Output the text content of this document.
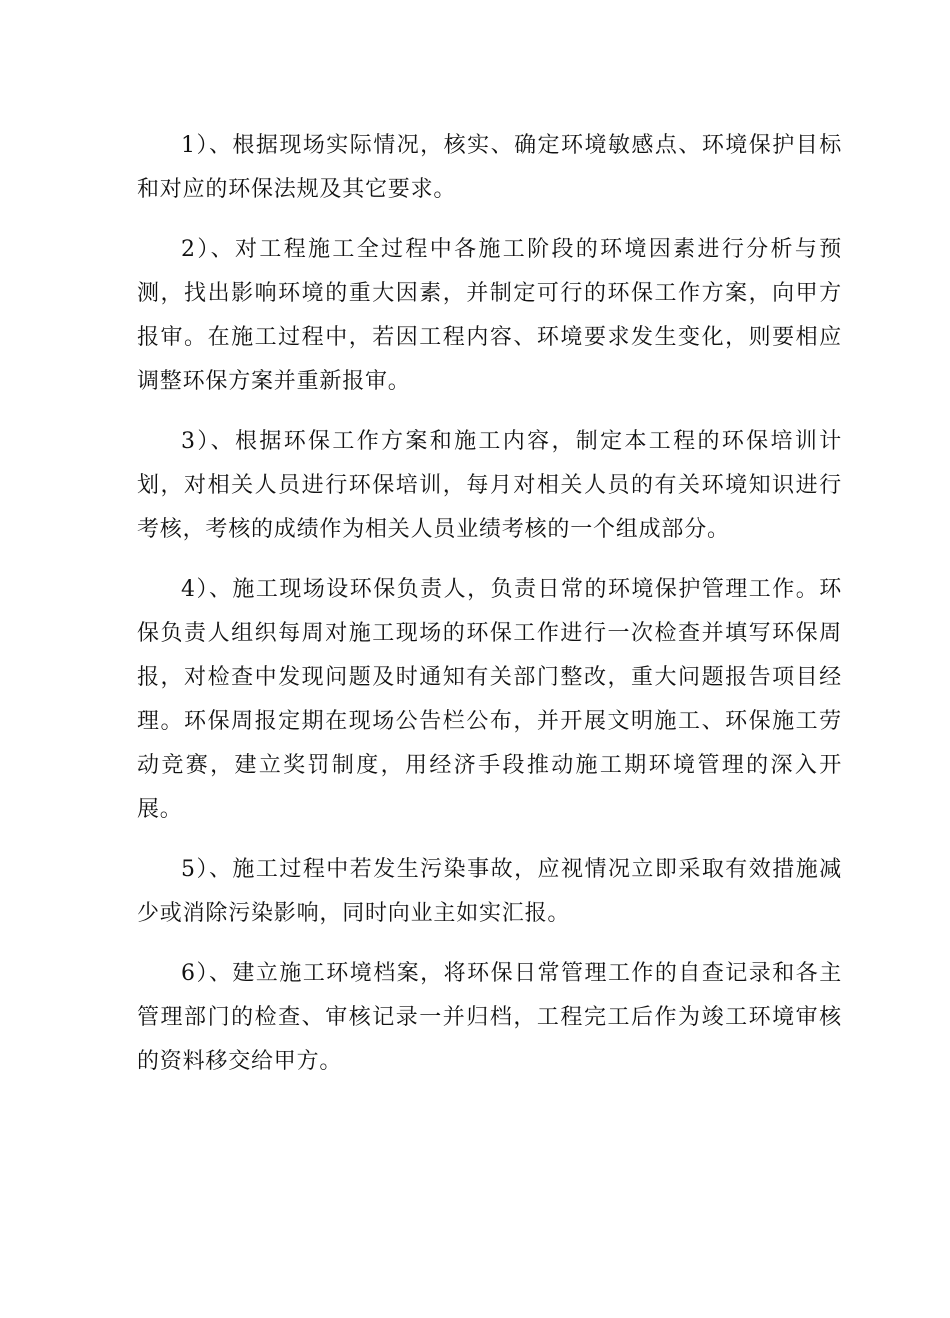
1）、根据现场实际情况，核实、确定环境敏感点、环境保护目标和对应的环保法规及其它要求。

2）、对工程施工全过程中各施工阶段的环境因素进行分析与预测，找出影响环境的重大因素，并制定可行的环保工作方案，向甲方报审。在施工过程中，若因工程内容、环境要求发生变化，则要相应调整环保方案并重新报审。

3）、根据环保工作方案和施工内容，制定本工程的环保培训计划，对相关人员进行环保培训，每月对相关人员的有关环境知识进行考核，考核的成绩作为相关人员业绩考核的一个组成部分。

4）、施工现场设环保负责人，负责日常的环境保护管理工作。环保负责人组织每周对施工现场的环保工作进行一次检查并填写环保周报，对检查中发现问题及时通知有关部门整改，重大问题报告项目经理。环保周报定期在现场公告栏公布，并开展文明施工、环保施工劳动竞赛，建立奖罚制度，用经济手段推动施工期环境管理的深入开展。

5）、施工过程中若发生污染事故，应视情况立即采取有效措施减少或消除污染影响，同时向业主如实汇报。

6）、建立施工环境档案，将环保日常管理工作的自查记录和各主管理部门的检查、审核记录一并归档，工程完工后作为竣工环境审核的资料移交给甲方。
